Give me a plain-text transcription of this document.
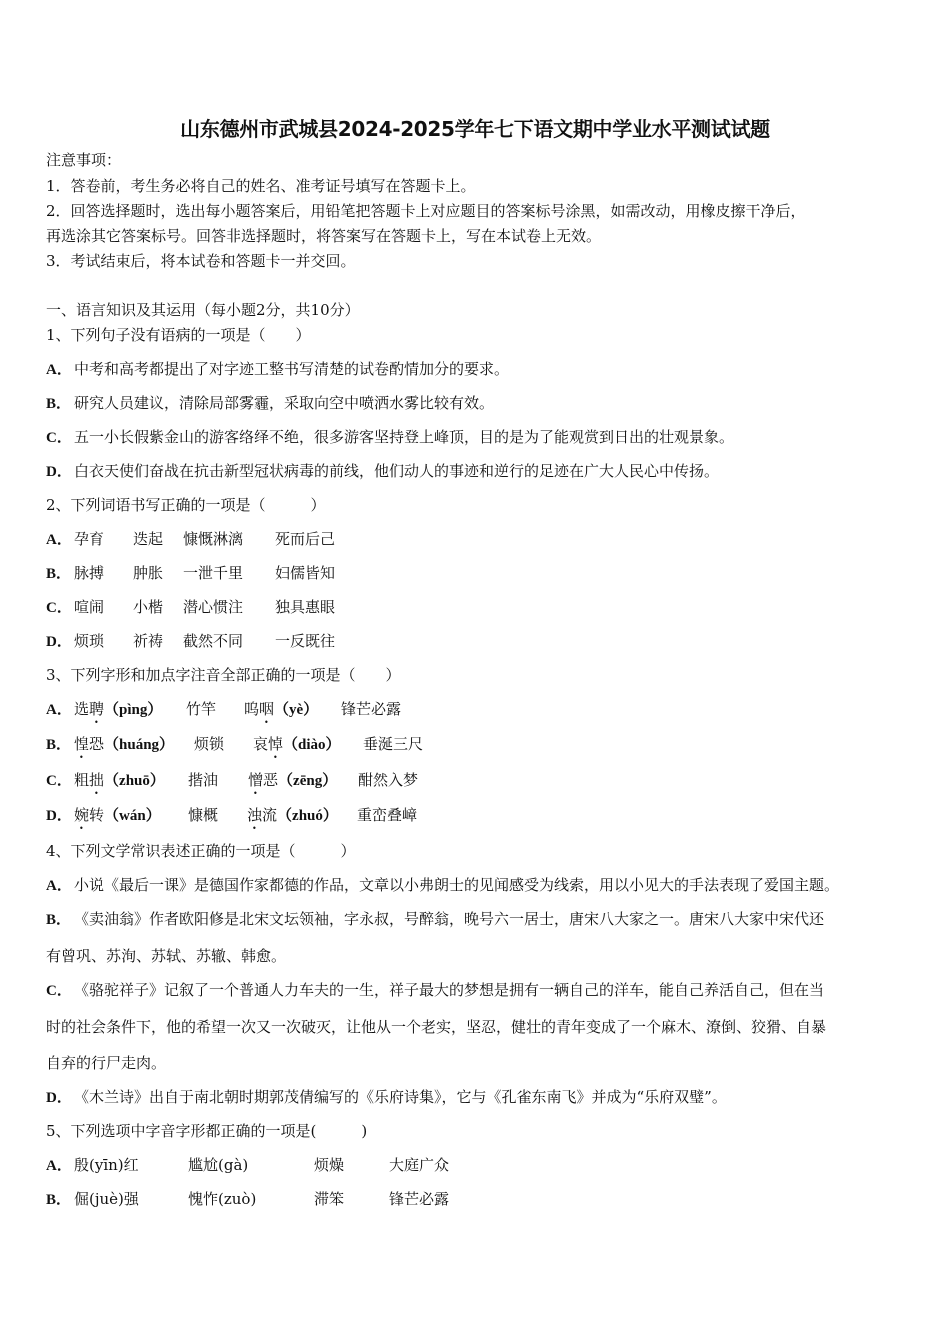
山东德州市武城县2024-2025学年七下语文期中学业水平测试试题
注意事项：
1．答卷前，考生务必将自己的姓名、准考证号填写在答题卡上。
2．回答选择题时，选出每小题答案后，用铅笔把答题卡上对应题目的答案标号涂黑，如需改动，用橡皮擦干净后，
再选涂其它答案标号。回答非选择题时，将答案写在答题卡上，写在本试卷上无效。
3．考试结束后，将本试卷和答题卡一并交回。
一、语言知识及其运用（每小题2分，共10分）
1、下列句子没有语病的一项是（　　）
A． 中考和高考都提出了对字迹工整书写清楚的试卷酌情加分的要求。
B． 研究人员建议，清除局部雾霾，采取向空中喷洒水雾比较有效。
C． 五一小长假紫金山的游客络绎不绝，很多游客坚持登上峰顶，目的是为了能观赏到日出的壮观景象。
D． 白衣天使们奋战在抗击新型冠状病毒的前线，他们动人的事迹和逆行的足迹在广大人民心中传扬。
2、下列词语书写正确的一项是（　　　）
A． 孕育 迭起 慷慨淋漓 死而后己
B． 脉搏 肿胀 一泄千里 妇儒皆知
C． 喧闹 小楷 潜心惯注 独具惠眼
D． 烦琐 祈祷 截然不同 一反既往
3、下列字形和加点字注音全部正确的一项是（　　）
A． 选聘（pìng） 竹竿 呜咽（yè） 锋芒必露
B． 惶恐（huáng） 烦锁 哀悼（diào） 垂涎三尺
C． 粗拙（zhuō） 揩油 憎恶（zēng） 酣然入梦
D． 婉转（wán） 慷概 浊流（zhuó） 重峦叠嶂
4、下列文学常识表述正确的一项是（　　　）
A． 小说《最后一课》是德国作家都德的作品，文章以小弗朗士的见闻感受为线索，用以小见大的手法表现了爱国主题。
B． 《卖油翁》作者欧阳修是北宋文坛领袖，字永叔，号醉翁，晚号六一居士，唐宋八大家之一。唐宋八大家中宋代还
有曾巩、苏洵、苏轼、苏辙、韩愈。
C． 《骆驼祥子》记叙了一个普通人力车夫的一生，祥子最大的梦想是拥有一辆自己的洋车，能自己养活自己，但在当
时的社会条件下，他的希望一次又一次破灭，让他从一个老实，坚忍，健壮的青年变成了一个麻木、潦倒、狡猾、自暴
自弃的行尸走肉。
D． 《木兰诗》出自于南北朝时期郭茂倩编写的《乐府诗集》，它与《孔雀东南飞》并成为“乐府双璧”。
5、下列选项中字音字形都正确的一项是(　　　)
A． 殷(yīn)红	尴尬(gà)	烦燥	大庭广众
B． 倔(juè)强	愧怍(zuò)	滞笨	锋芒必露
